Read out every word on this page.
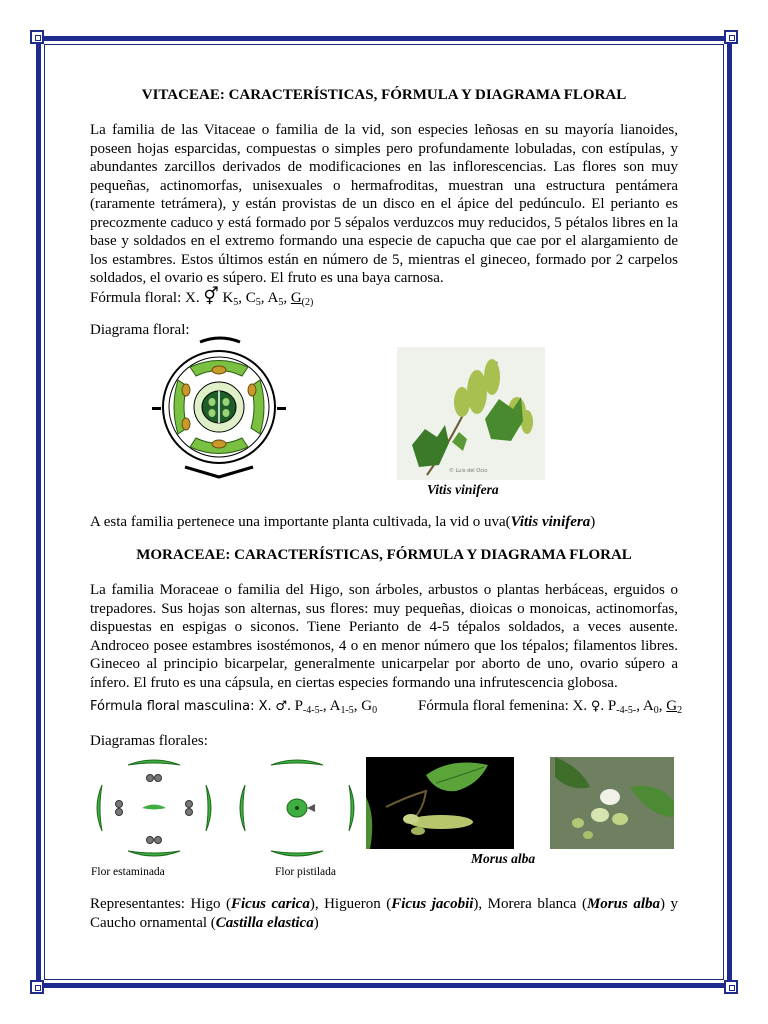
VITACEAE: CARACTERÍSTICAS, FÓRMULA Y DIAGRAMA FLORAL
La familia de las Vitaceae o familia de la vid, son especies leñosas en su mayoría lianoides, poseen hojas esparcidas, compuestas o simples pero profundamente lobuladas, con estípulas, y abundantes zarcillos derivados de modificaciones en las inflorescencias. Las flores son muy pequeñas, actinomorfas, unisexuales o hermafroditas, muestran una estructura pentámera (raramente tetrámera), y están provistas de un disco en el ápice del pedúnculo. El perianto es precozmente caduco y está formado por 5 sépalos verduzcos muy reducidos, 5 pétalos libres en la base y soldados en el extremo formando una especie de capucha que cae por el alargamiento de los estambres. Estos últimos están en número de 5, mientras el gineceo, formado por 2 carpelos soldados, el ovario es súpero. El fruto es una baya carnosa.
Fórmula floral: X. ⚥ $K_5$, $C_5$, $A_5$, $G_{(2)}$
Diagrama floral:
© Luis del Ocio
Vitis vinifera
A esta familia pertenece una importante planta cultivada, la vid o uva(Vitis vinifera)
MORACEAE: CARACTERÍSTICAS, FÓRMULA Y DIAGRAMA FLORAL
La familia Moraceae o familia del Higo, son árboles, arbustos o plantas herbáceas, erguidos o trepadores. Sus hojas son alternas, sus flores: muy pequeñas, dioicas o monoicas, actinomorfas, dispuestas en espigas o siconos. Tiene Perianto de 4-5 tépalos soldados, a veces ausente. Androceo posee estambres isostémonos, 4 o en menor número que los tépalos; filamentos libres. Gineceo al principio bicarpelar, generalmente unicarpelar por aborto de uno, ovario súpero a ínfero. El fruto es una cápsula, en ciertas especies formando una infrutescencia globosa.
Fórmula floral masculina: X. ♂. $P_{-4-5-}$, $A_{1-5}$, $G_0$	Fórmula floral femenina: X. ♀. $P_{-4-5-}$, $A_0$, $G_2$
Diagramas florales:
Flor estaminada	Flor pistilada
Morus alba
Representantes: Higo (Ficus carica), Higueron (Ficus jacobii), Morera blanca (Morus alba) y Caucho ornamental (Castilla elastica)
